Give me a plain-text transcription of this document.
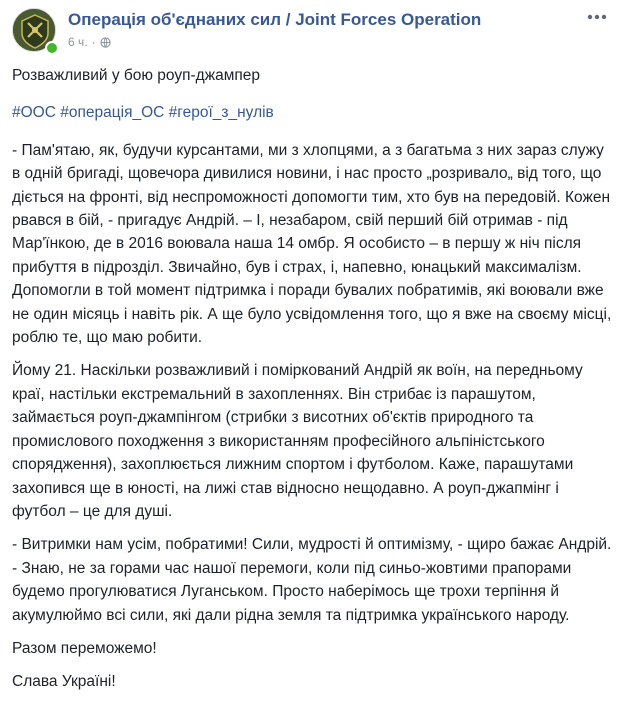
Операція об'єднаних сил / Joint Forces Operation
6 ч. ·

Розважливий у бою роуп-джампер

#ООС #операція_ОС #герої_з_нулів

- Пам'ятаю, як, будучи курсантами, ми з хлопцями, а з багатьма з них зараз служу в одній бригаді, щовечора дивилися новини, і нас просто „розривало„ від того, що діється на фронті, від неспроможності допомогти тим, хто був на передовій. Кожен рвався в бій, - пригадує Андрій. – І, незабаром, свій перший бій отримав - під Мар'їнкою, де в 2016 воювала наша 14 омбр. Я особисто – в першу ж ніч після прибуття в підрозділ. Звичайно, був і страх, і, напевно, юнацький максималізм. Допомогли в той момент підтримка і поради бувалих побратимів, які воювали вже не один місяць і навіть рік. А ще було усвідомлення того, що я вже на своєму місці, роблю те, що маю робити.

Йому 21. Наскільки розважливий і поміркований Андрій як воїн, на передньому краї, настільки екстремальний в захопленнях. Він стрибає із парашутом, займається роуп-джампінгом (стрибки з висотних об'єктів природного та промислового походження з використанням професійного альпіністського спорядження), захоплюється лижним спортом і футболом. Каже, парашутами захопився ще в юності, на лижі став відносно нещодавно. А роуп-джапмінг і футбол – це для душі.

- Витримки нам усім, побратими! Сили, мудрості й оптимізму, - щиро бажає Андрій. - Знаю, не за горами час нашої перемоги, коли під синьо-жовтими прапорами будемо прогулюватися Луганськом. Просто наберімось ще трохи терпіння й акумулюймо всі сили, які дали рідна земля та підтримка українського народу.

Разом переможемо!

Слава Україні!
